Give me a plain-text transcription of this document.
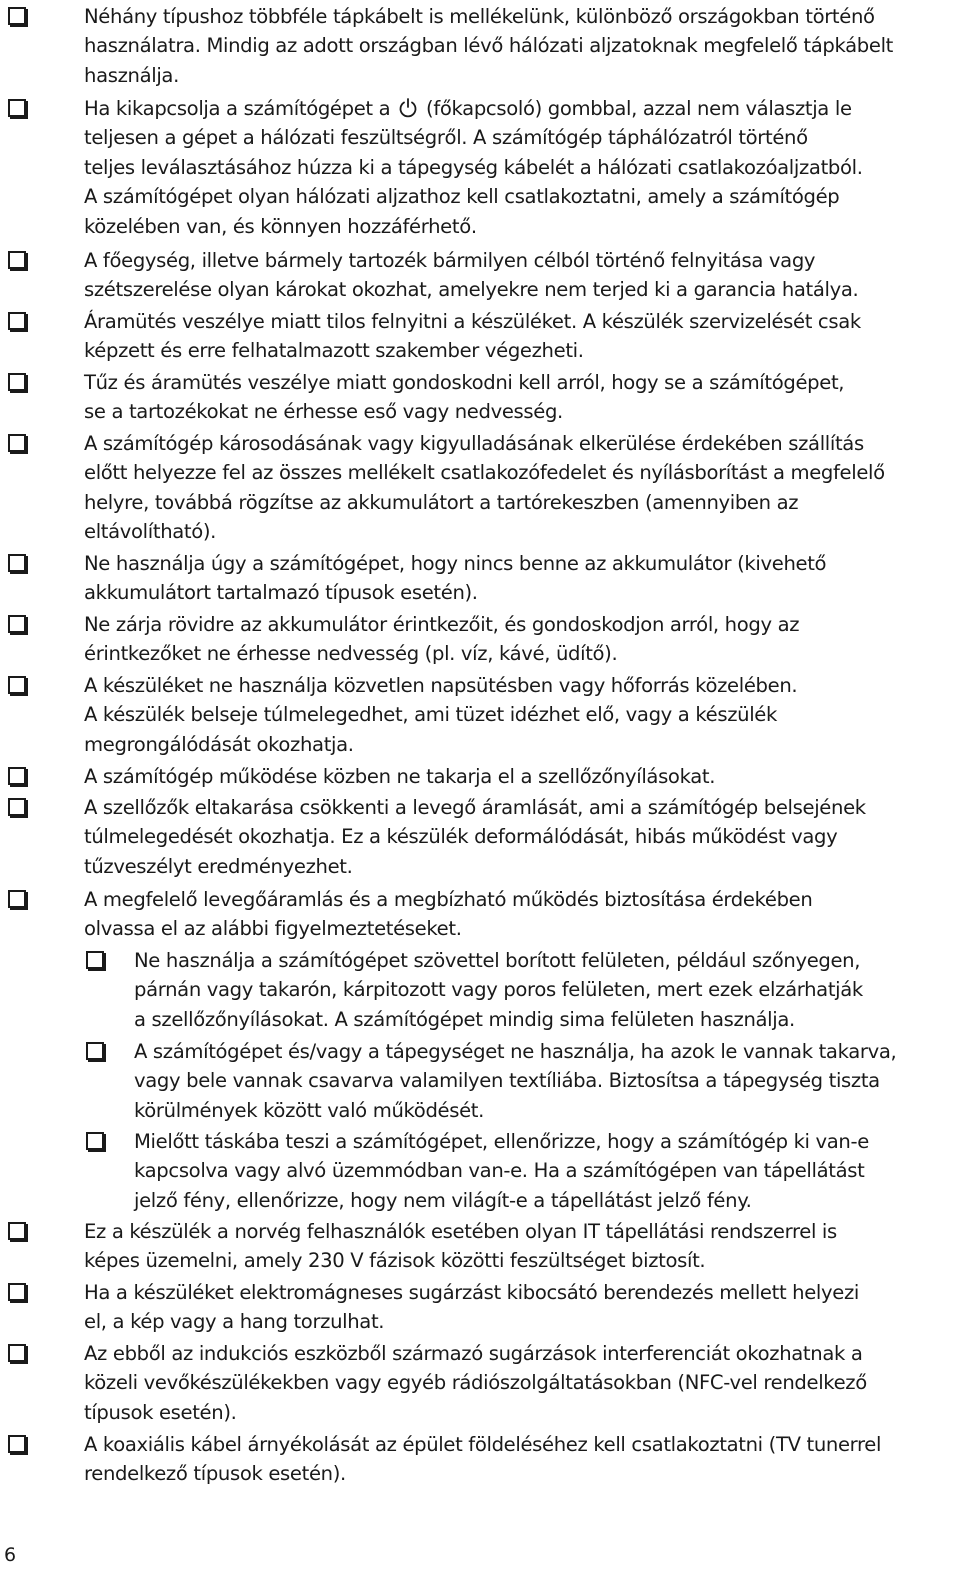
Néhány típushoz többféle tápkábelt is mellékelünk, különböző országokban történő
használatra. Mindig az adott országban lévő hálózati aljzatoknak megfelelő tápkábelt
használja.
Ha kikapcsolja a számítógépet a  (főkapcsoló) gombbal, azzal nem választja le
teljesen a gépet a hálózati feszültségről. A számítógép táphálózatról történő
teljes leválasztásához húzza ki a tápegység kábelét a hálózati csatlakozóaljzatból.
A számítógépet olyan hálózati aljzathoz kell csatlakoztatni, amely a számítógép
közelében van, és könnyen hozzáférhető.
A főegység, illetve bármely tartozék bármilyen célból történő felnyitása vagy
szétszerelése olyan károkat okozhat, amelyekre nem terjed ki a garancia hatálya.
Áramütés veszélye miatt tilos felnyitni a készüléket. A készülék szervizelését csak
képzett és erre felhatalmazott szakember végezheti.
Tűz és áramütés veszélye miatt gondoskodni kell arról, hogy se a számítógépet,
se a tartozékokat ne érhesse eső vagy nedvesség.
A számítógép károsodásának vagy kigyulladásának elkerülése érdekében szállítás
előtt helyezze fel az összes mellékelt csatlakozófedelet és nyílásborítást a megfelelő
helyre, továbbá rögzítse az akkumulátort a tartórekeszben (amennyiben az
eltávolítható).
Ne használja úgy a számítógépet, hogy nincs benne az akkumulátor (kivehető
akkumulátort tartalmazó típusok esetén).
Ne zárja rövidre az akkumulátor érintkezőit, és gondoskodjon arról, hogy az
érintkezőket ne érhesse nedvesség (pl. víz, kávé, üdítő).
A készüléket ne használja közvetlen napsütésben vagy hőforrás közelében.
A készülék belseje túlmelegedhet, ami tüzet idézhet elő, vagy a készülék
megrongálódását okozhatja.
A számítógép működése közben ne takarja el a szellőzőnyílásokat.
A szellőzők eltakarása csökkenti a levegő áramlását, ami a számítógép belsejének
túlmelegedését okozhatja. Ez a készülék deformálódását, hibás működést vagy
tűzveszélyt eredményezhet.
A megfelelő levegőáramlás és a megbízható működés biztosítása érdekében
olvassa el az alábbi figyelmeztetéseket.
Ne használja a számítógépet szövettel borított felületen, például szőnyegen,
párnán vagy takarón, kárpitozott vagy poros felületen, mert ezek elzárhatják
a szellőzőnyílásokat. A számítógépet mindig sima felületen használja.
A számítógépet és/vagy a tápegységet ne használja, ha azok le vannak takarva,
vagy bele vannak csavarva valamilyen textíliába. Biztosítsa a tápegység tiszta
körülmények között való működését.
Mielőtt táskába teszi a számítógépet, ellenőrizze, hogy a számítógép ki van-e
kapcsolva vagy alvó üzemmódban van-e. Ha a számítógépen van tápellátást
jelző fény, ellenőrizze, hogy nem világít-e a tápellátást jelző fény.
Ez a készülék a norvég felhasználók esetében olyan IT tápellátási rendszerrel is
képes üzemelni, amely 230 V fázisok közötti feszültséget biztosít.
Ha a készüléket elektromágneses sugárzást kibocsátó berendezés mellett helyezi
el, a kép vagy a hang torzulhat.
Az ebből az indukciós eszközből származó sugárzások interferenciát okozhatnak a
közeli vevőkészülékekben vagy egyéb rádiószolgáltatásokban (NFC-vel rendelkező
típusok esetén).
A koaxiális kábel árnyékolását az épület földeléséhez kell csatlakoztatni (TV tunerrel
rendelkező típusok esetén).
6
